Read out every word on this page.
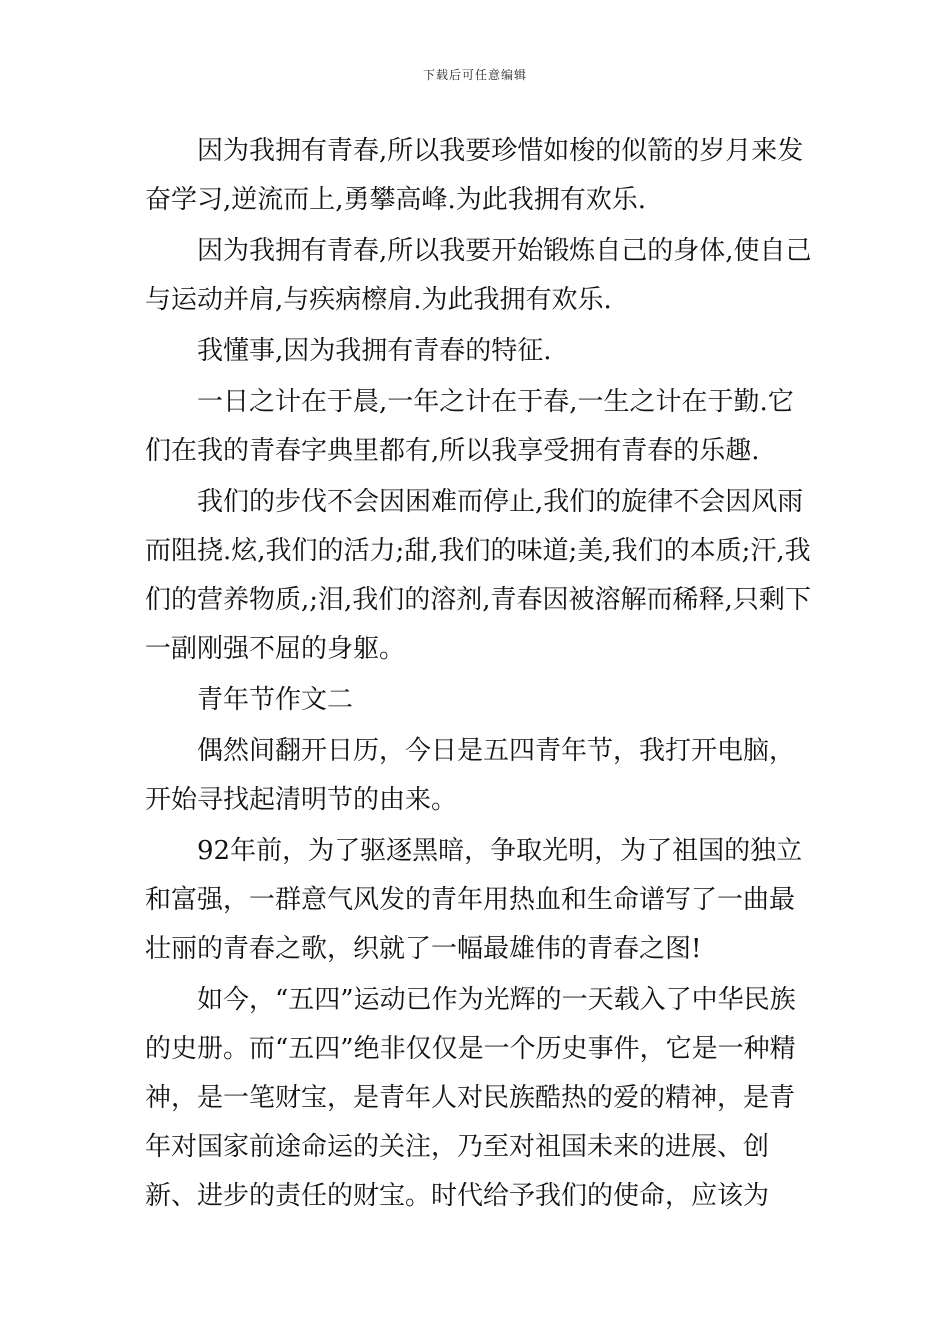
下载后可任意编辑

因为我拥有青春,所以我要珍惜如梭的似箭的岁月来发奋学习,逆流而上,勇攀高峰.为此我拥有欢乐.

因为我拥有青春,所以我要开始锻炼自己的身体,使自己与运动并肩,与疾病檫肩.为此我拥有欢乐.

我懂事,因为我拥有青春的特征.

一日之计在于晨,一年之计在于春,一生之计在于勤.它们在我的青春字典里都有,所以我享受拥有青春的乐趣.

我们的步伐不会因困难而停止,我们的旋律不会因风雨而阻挠.炫,我们的活力;甜,我们的味道;美,我们的本质;汗,我们的营养物质,;泪,我们的溶剂,青春因被溶解而稀释,只剩下一副刚强不屈的身躯。

青年节作文二

偶然间翻开日历，今日是五四青年节，我打开电脑，开始寻找起清明节的由来。

92年前，为了驱逐黑暗，争取光明，为了祖国的独立和富强，一群意气风发的青年用热血和生命谱写了一曲最壮丽的青春之歌，织就了一幅最雄伟的青春之图!

如今，“五四”运动已作为光辉的一天载入了中华民族的史册。而“五四”绝非仅仅是一个历史事件，它是一种精神，是一笔财宝，是青年人对民族酷热的爱的精神，是青年对国家前途命运的关注，乃至对祖国未来的进展、创新、进步的责任的财宝。时代给予我们的使命，应该为
